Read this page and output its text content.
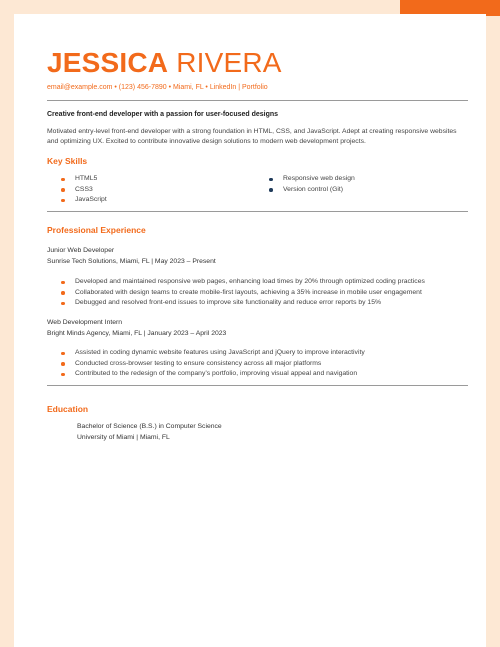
JESSICA RIVERA
email@example.com • (123) 456-7890 • Miami, FL • LinkedIn | Portfolio
Creative front-end developer with a passion for user-focused designs
Motivated entry-level front-end developer with a strong foundation in HTML, CSS, and JavaScript. Adept at creating responsive websites and optimizing UX. Excited to contribute innovative design solutions to modern web development projects.
Key Skills
HTML5
CSS3
JavaScript
Responsive web design
Version control (Git)
Professional Experience
Junior Web Developer
Sunrise Tech Solutions, Miami, FL | May 2023 – Present
Developed and maintained responsive web pages, enhancing load times by 20% through optimized coding practices
Collaborated with design teams to create mobile-first layouts, achieving a 35% increase in mobile user engagement
Debugged and resolved front-end issues to improve site functionality and reduce error reports by 15%
Web Development Intern
Bright Minds Agency, Miami, FL | January 2023 – April 2023
Assisted in coding dynamic website features using JavaScript and jQuery to improve interactivity
Conducted cross-browser testing to ensure consistency across all major platforms
Contributed to the redesign of the company’s portfolio, improving visual appeal and navigation
Education
Bachelor of Science (B.S.) in Computer Science
University of Miami | Miami, FL
